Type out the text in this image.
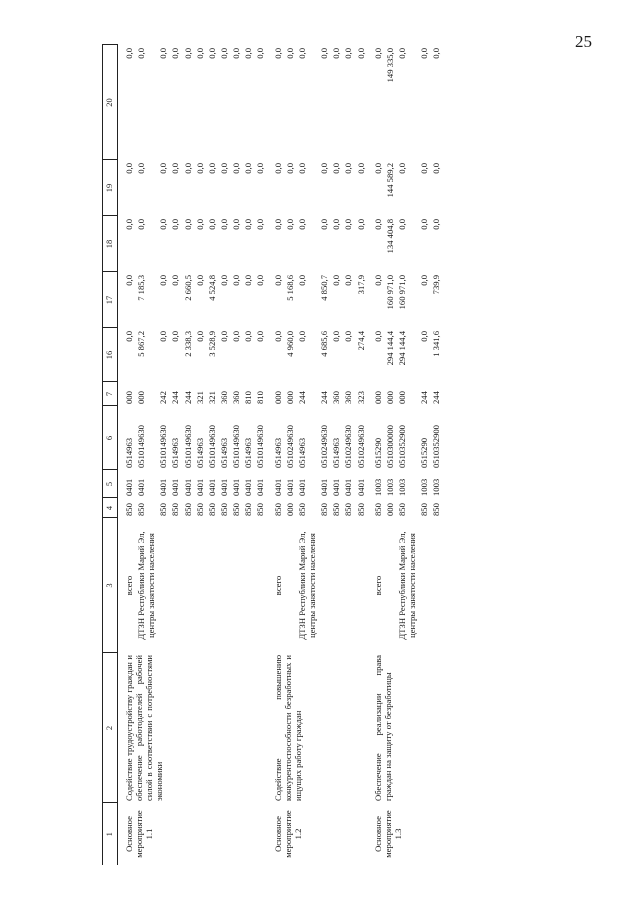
25
1	2	3	4	5	6	7	16	17	18	19	20
Основное мероприятие 1.1	Содействие трудоустройству граждан и обеспечение работодателей рабочей силой в соответствии с потребностями экономики	всего	850	0401	0514963	000	0,0	0,0	0,0	0,0	0,0
		ДТЗН Республики Марий Эл, центры занятости населения	850	0401	0510149630	000	5 867,2	7 185,3	0,0	0,0	0,0
			850	0401	0510149630	242	0,0	0,0	0,0	0,0	0,0
			850	0401	0514963	244	0,0	0,0	0,0	0,0	0,0
			850	0401	0510149630	244	2 338,3	2 660,5	0,0	0,0	0,0
			850	0401	0514963	321	0,0	0,0	0,0	0,0	0,0
			850	0401	0510149630	321	3 528,9	4 524,8	0,0	0,0	0,0
			850	0401	0514963	360	0,0	0,0	0,0	0,0	0,0
			850	0401	0510149630	360	0,0	0,0	0,0	0,0	0,0
			850	0401	0514963	810	0,0	0,0	0,0	0,0	0,0
			850	0401	0510149630	810	0,0	0,0	0,0	0,0	0,0
Основное мероприятие 1.2	Содействие повышению конкурентоспособности безработных и ищущих работу граждан	всего	850	0401	0514963	000	0,0	0,0	0,0	0,0	0,0
			000	0401	0510249630	000	4 960,0	5 168,6	0,0	0,0	0,0
		ДТЗН Республики Марий Эл, центры занятости населения	850	0401	0514963	244	0,0	0,0	0,0	0,0	0,0
			850	0401	0510249630	244	4 685,6	4 850,7	0,0	0,0	0,0
			850	0401	0514963	360	0,0	0,0	0,0	0,0	0,0
			850	0401	0510249630	360	0,0	0,0	0,0	0,0	0,0
			850	0401	0510249630	323	274,4	317,9	0,0	0,0	0,0
Основное мероприятие 1.3	Обеспечение реализации права граждан на защиту от безработицы	всего	850	1003	0515290	000	0,0	0,0	0,0	0,0	0,0
			000	1003	0510300000	000	294 144,4	160 971,0	134 404,8	144 589,2	149 335,0
		ДТЗН Республики Марий Эл, центры занятости населения	850	1003	0510352900	000	294 144,4	160 971,0	0,0	0,0	0,0
			850	1003	0515290	244	0,0	0,0	0,0	0,0	0,0
			850	1003	0510352900	244	1 341,6	739,9	0,0	0,0	0,0
